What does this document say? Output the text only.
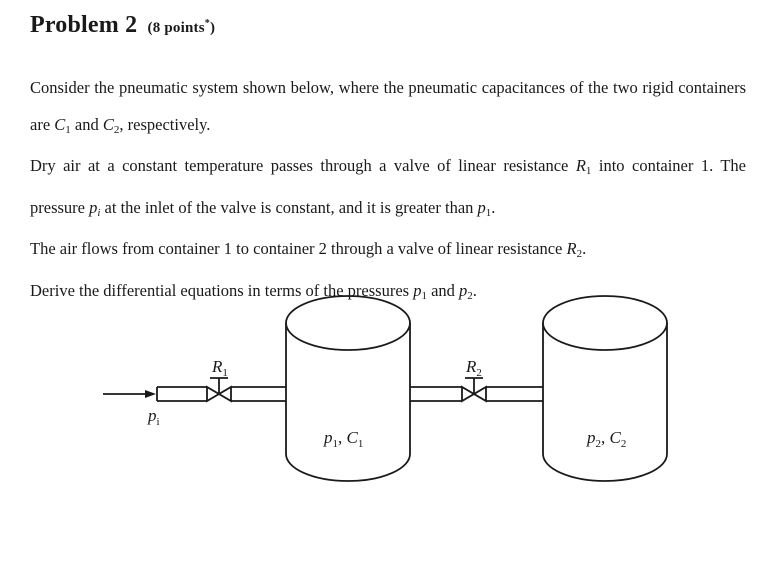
Problem 2 (8 points*)

Consider the pneumatic system shown below, where the pneumatic capacitances of the two rigid containers are $C_1$ and $C_2$, respectively.

Dry air at a constant temperature passes through a valve of linear resistance $R_1$ into container 1. The pressure $p_i$ at the inlet of the valve is constant, and it is greater than $p_1$.

The air flows from container 1 to container 2 through a valve of linear resistance $R_2$.

Derive the differential equations in terms of the pressures $p_1$ and $p_2$.

$R_1$	$R_2$
$p_i$
$p_1$, $C_1$	$p_2$, $C_2$
